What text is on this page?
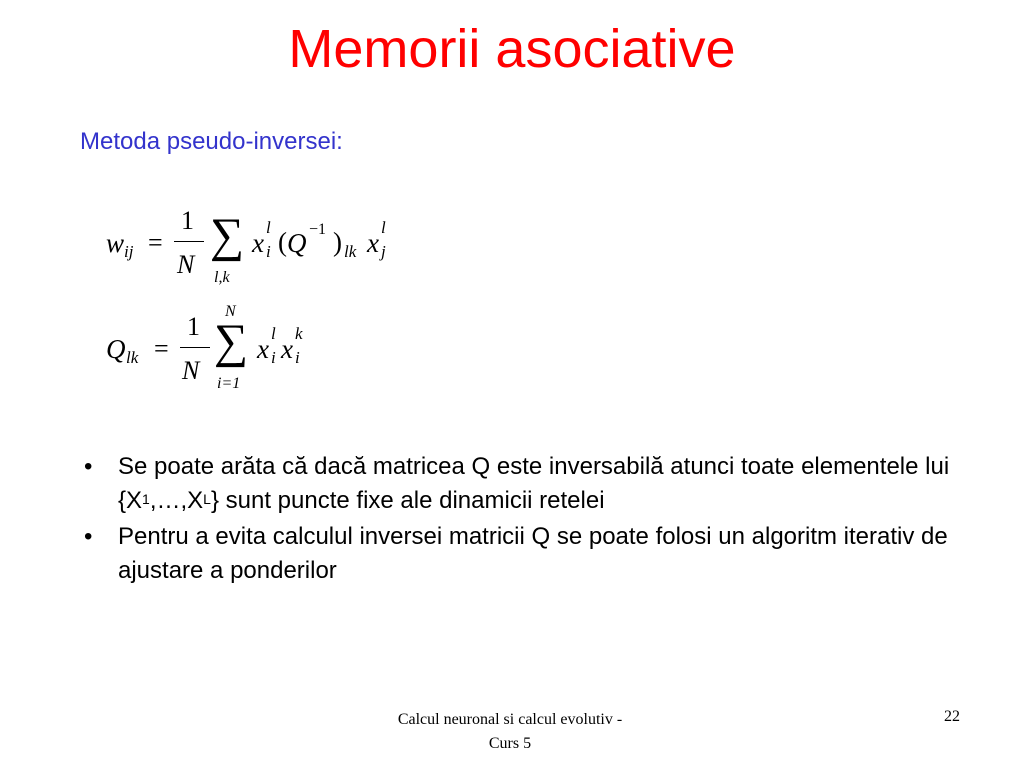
Memorii asociative
Metoda pseudo-inversei:
w ij =
1
N
∑
l,k
x
l
i ( Q −1 ) lk x
l
j
Q lk =
1
N
N
∑
i=1
x
l
i x
k
i
• Se poate arăta că dacă matricea Q este inversabilă atunci toate elementele lui $\{X^1,\dots,X^L\}$ sunt puncte fixe ale dinamicii retelei
• Pentru a evita calculul inversei matricii Q se poate folosi un algoritm iterativ de ajustare a ponderilor
Calcul neuronal si calcul evolutiv -
Curs 5
22
